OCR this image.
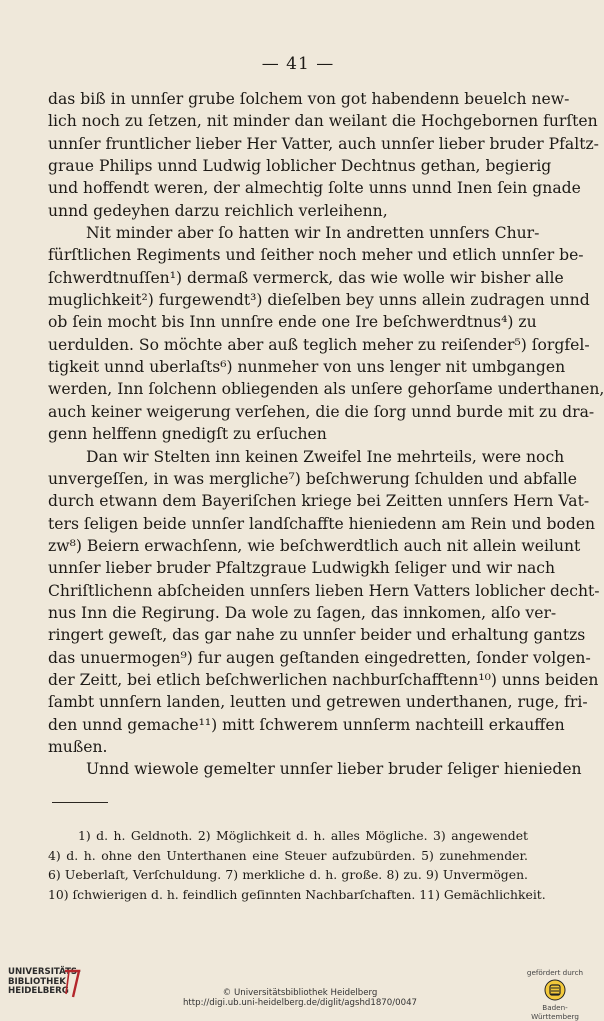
— 41 —
das biß in unnſer grube ſolchem von got habendenn beuelch new-
lich noch zu ſetzen, nit minder dan weilant die Hochgebornen furſten
unnſer fruntlicher lieber Her Vatter, auch unnſer lieber bruder Pfaltz-
graue Philips unnd Ludwig loblicher Dechtnus gethan, begierig
und hoffendt weren, der almechtig ſolte unns unnd Inen ſein gnade
unnd gedeyhen darzu reichlich verleihenn,
Nit minder aber ſo hatten wir In andretten unnſers Chur-
fürſtlichen Regiments und ſeither noch meher und etlich unnſer be-
ſchwerdtnuſſen¹) dermaß vermerck, das wie wolle wir bisher alle
muglichkeit²) furgewendt³) dieſelben bey unns allein zudragen unnd
ob ſein mocht bis Inn unnſre ende one Ire beſchwerdtnus⁴) zu
uerdulden. So möchte aber auß teglich meher zu reiſender⁵) ſorgfel-
tigkeit unnd uberlaſts⁶) nunmeher von uns lenger nit umbgangen
werden, Inn ſolchenn obliegenden als unſere gehorſame underthanen,
auch keiner weigerung verſehen, die die ſorg unnd burde mit zu dra-
genn helffenn gnedigſt zu erſuchen
Dan wir Stelten inn keinen Zweifel Ine mehrteils, were noch
unvergeſſen, in was merglichе⁷) beſchwerung ſchulden und abfalle
durch etwann dem Bayeriſchen kriege bei Zeitten unnſers Hern Vat-
ters ſeligen beide unnſer landſchaffte hieniedenn am Rein und boden
zw⁸) Beiern erwachſenn, wie beſchwerdtlich auch nit allein weilunt
unnſer lieber bruder Pfaltzgraue Ludwigkh ſeliger und wir nach
Chriſtlichenn abſcheiden unnſers lieben Hern Vatters loblicher decht-
nus Inn die Regirung. Da wole zu ſagen, das innkomen, alſo ver-
ringert geweſt, das gar nahe zu unnſer beider und erhaltung gantzs
das unuermogen⁹) fur augen geſtanden eingedretten, ſonder volgen-
der Zeitt, bei etlich beſchwerlichen nachburſchafftenn¹⁰) unns beiden
ſambt unnſern landen, leutten und getrewen underthanen, ruge, fri-
den unnd gemache¹¹) mitt ſchwerem unnſerm nachteill erkauffen
mußen.
Unnd wiewole gemelter unnſer lieber bruder ſeliger hienieden
1) d. h. Geldnoth. 2) Möglichkeit d. h. alles Mögliche. 3) angewendet
4) d. h. ohne den Unterthanen eine Steuer aufzubürden. 5) zunehmender.
6) Ueberlaſt, Verſchuldung. 7) merkliche d. h. große. 8) zu. 9) Unvermögen.
10) ſchwierigen d. h. feindlich geſinnten Nachbarſchaften. 11) Gemächlichkeit.
UNIVERSITÄTS-
BIBLIOTHEK
HEIDELBERG	© Universitätsbibliothek Heidelberg
http://digi.ub.uni-heidelberg.de/diglit/agshd1870/0047
gefördert durch
Baden-Württemberg
